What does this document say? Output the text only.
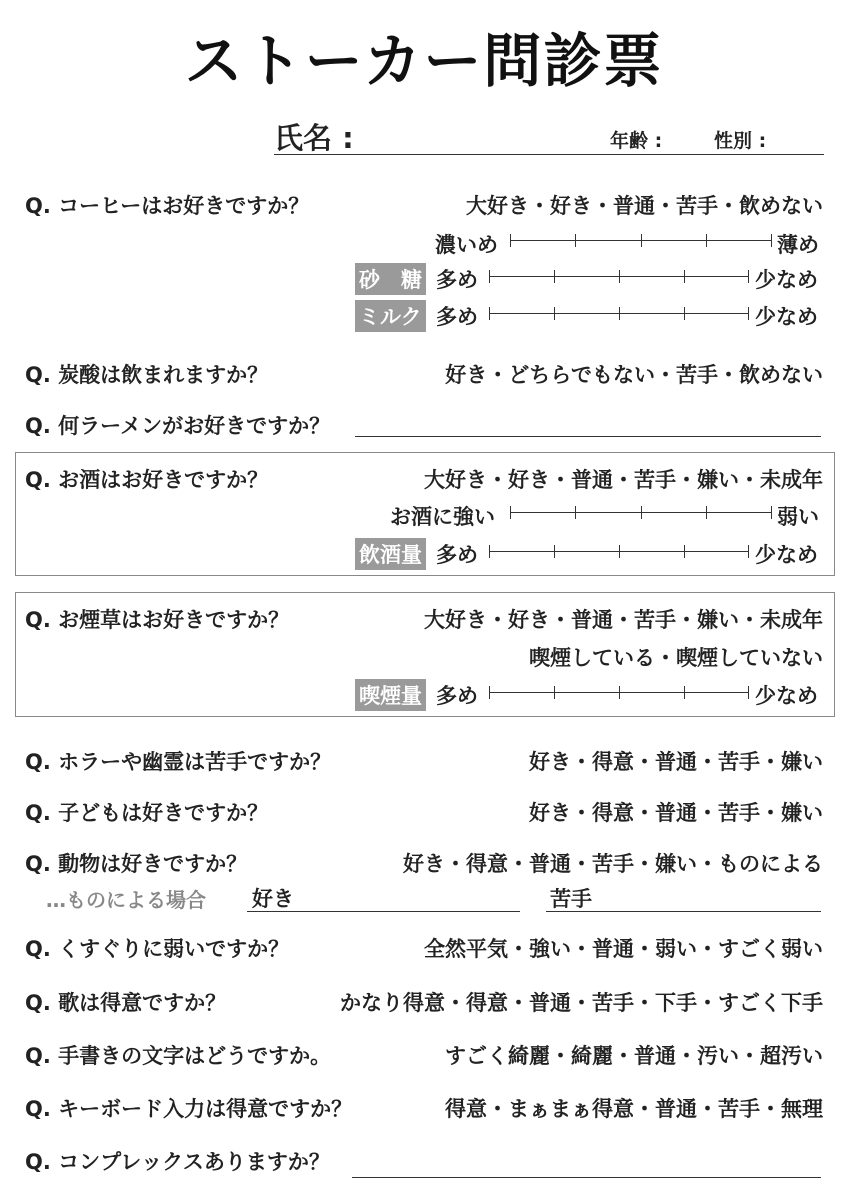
ストーカー問診票
氏名 :	年齢 :	性別 :
Q. コーヒーはお好きですか？	大好き・好き・普通・苦手・飲めない
濃いめ	薄め
砂　糖 多め	少なめ
ミルク 多め	少なめ
Q. 炭酸は飲まれますか？	好き・どちらでもない・苦手・飲めない
Q. 何ラーメンがお好きですか？
Q. お酒はお好きですか？	大好き・好き・普通・苦手・嫌い・未成年
お酒に強い	弱い
飲酒量 多め	少なめ
Q. お煙草はお好きですか？	大好き・好き・普通・苦手・嫌い・未成年
喫煙している・喫煙していない
喫煙量 多め	少なめ
Q. ホラーや幽霊は苦手ですか？	好き・得意・普通・苦手・嫌い
Q. 子どもは好きですか？	好き・得意・普通・苦手・嫌い
Q. 動物は好きですか？	好き・得意・普通・苦手・嫌い・ものによる
…ものによる場合 好き	苦手
Q. くすぐりに弱いですか？	全然平気・強い・普通・弱い・すごく弱い
Q. 歌は得意ですか？	かなり得意・得意・普通・苦手・下手・すごく下手
Q. 手書きの文字はどうですか。	すごく綺麗・綺麗・普通・汚い・超汚い
Q. キーボード入力は得意ですか？	得意・まぁまぁ得意・普通・苦手・無理
Q. コンプレックスありますか？
